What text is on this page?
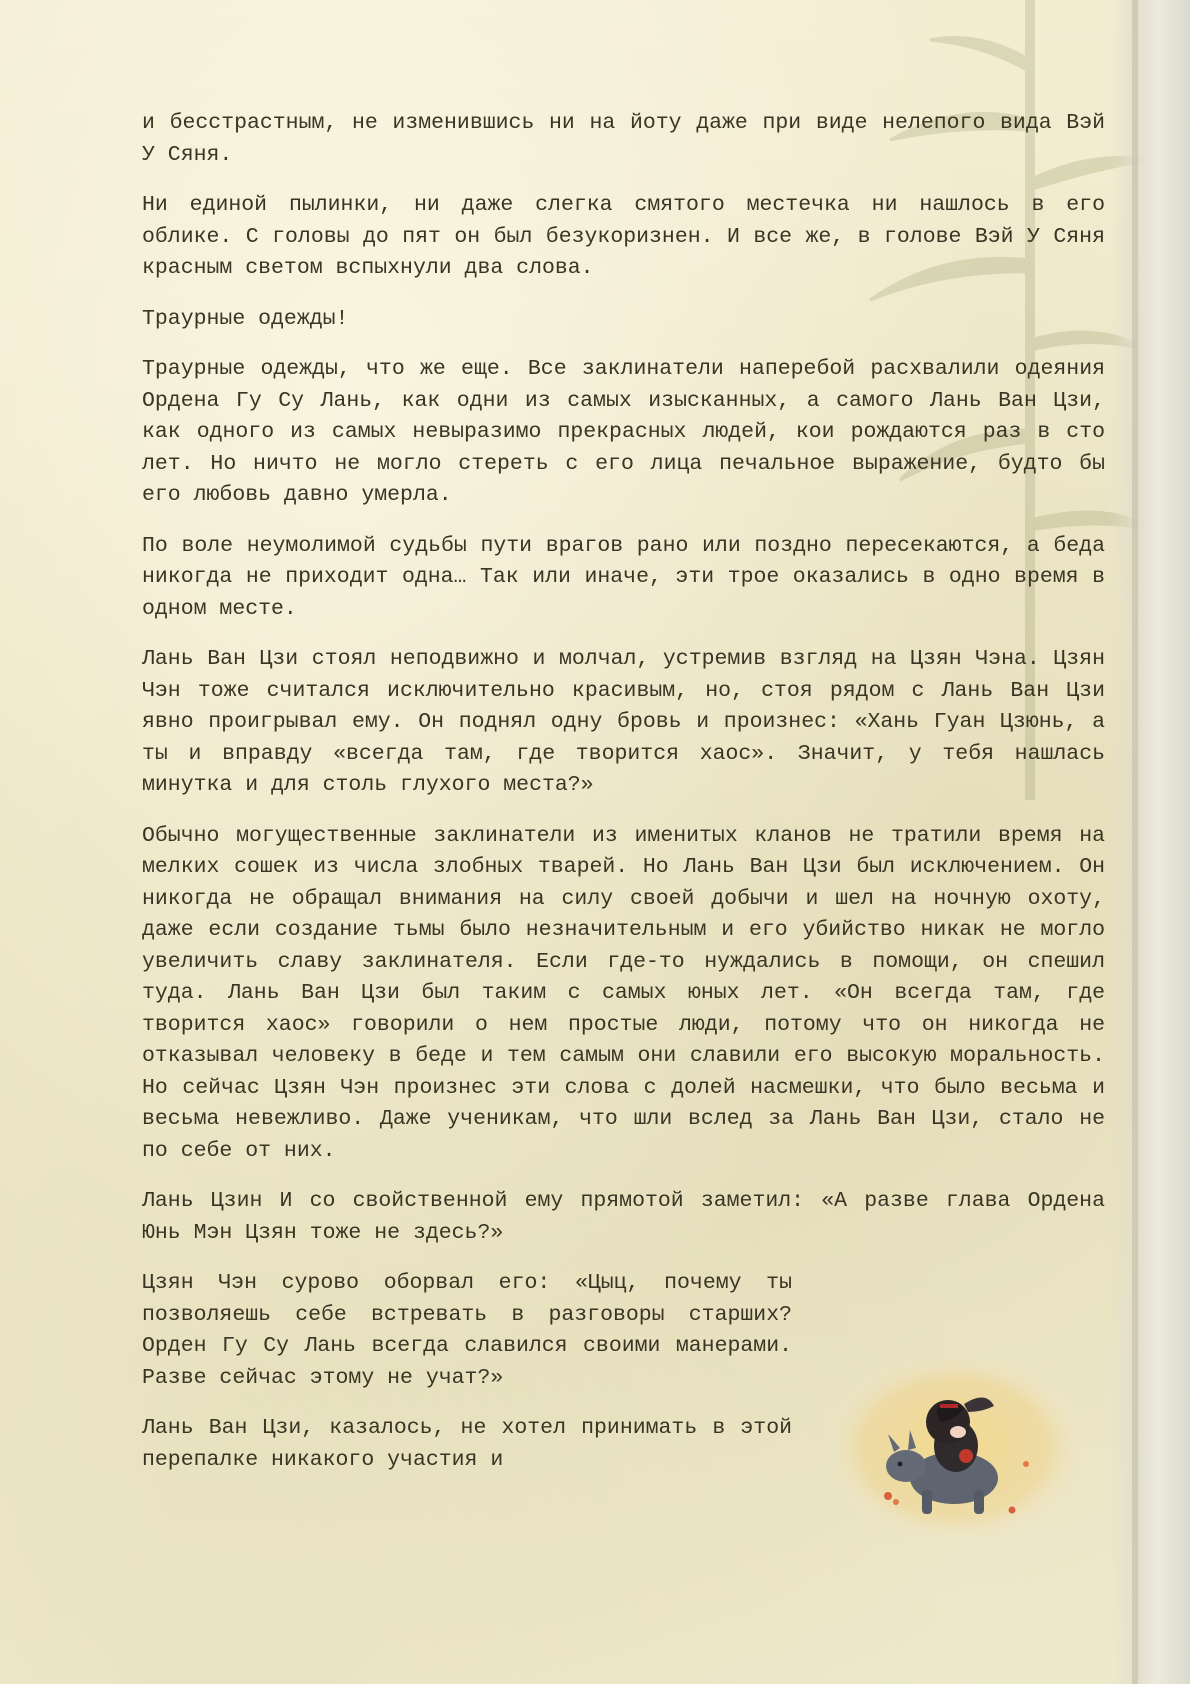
и бесстрастным, не изменившись ни на йоту даже при виде нелепого вида Вэй У Сяня.

Ни единой пылинки, ни даже слегка смятого местечка ни нашлось в его облике. С головы до пят он был безукоризнен. И все же, в голове Вэй У Сяня красным светом вспыхнули два слова.

Траурные одежды!

Траурные одежды, что же еще. Все заклинатели наперебой расхвалили одеяния Ордена Гу Су Лань, как одни из самых изысканных, а самого Лань Ван Цзи, как одного из самых невыразимо прекрасных людей, кои рождаются раз в сто лет. Но ничто не могло стереть с его лица печальное выражение, будто бы его любовь давно умерла.

По воле неумолимой судьбы пути врагов рано или поздно пересекаются, а беда никогда не приходит одна… Так или иначе, эти трое оказались в одно время в одном месте.

Лань Ван Цзи стоял неподвижно и молчал, устремив взгляд на Цзян Чэна. Цзян Чэн тоже считался исключительно красивым, но, стоя рядом с Лань Ван Цзи явно проигрывал ему. Он поднял одну бровь и произнес: «Хань Гуан Цзюнь, а ты и вправду «всегда там, где творится хаос». Значит, у тебя нашлась минутка и для столь глухого места?»

Обычно могущественные заклинатели из именитых кланов не тратили время на мелких сошек из числа злобных тварей. Но Лань Ван Цзи был исключением. Он никогда не обращал внимания на силу своей добычи и шел на ночную охоту, даже если создание тьмы было незначительным и его убийство никак не могло увеличить славу заклинателя. Если где-то нуждались в помощи, он спешил туда. Лань Ван Цзи был таким с самых юных лет. «Он всегда там, где творится хаос» говорили о нем простые люди, потому что он никогда не отказывал человеку в беде и тем самым они славили его высокую моральность. Но сейчас Цзян Чэн произнес эти слова с долей насмешки, что было весьма и весьма невежливо. Даже ученикам, что шли вслед за Лань Ван Цзи, стало не по себе от них.

Лань Цзин И со свойственной ему прямотой заметил: «А разве глава Ордена Юнь Мэн Цзян тоже не здесь?»

Цзян Чэн сурово оборвал его: «Цыц, почему ты позволяешь себе встревать в разговоры старших? Орден Гу Су Лань всегда славился своими манерами. Разве сейчас этому не учат?»

Лань Ван Цзи, казалось, не хотел принимать в этой перепалке никакого участия и
